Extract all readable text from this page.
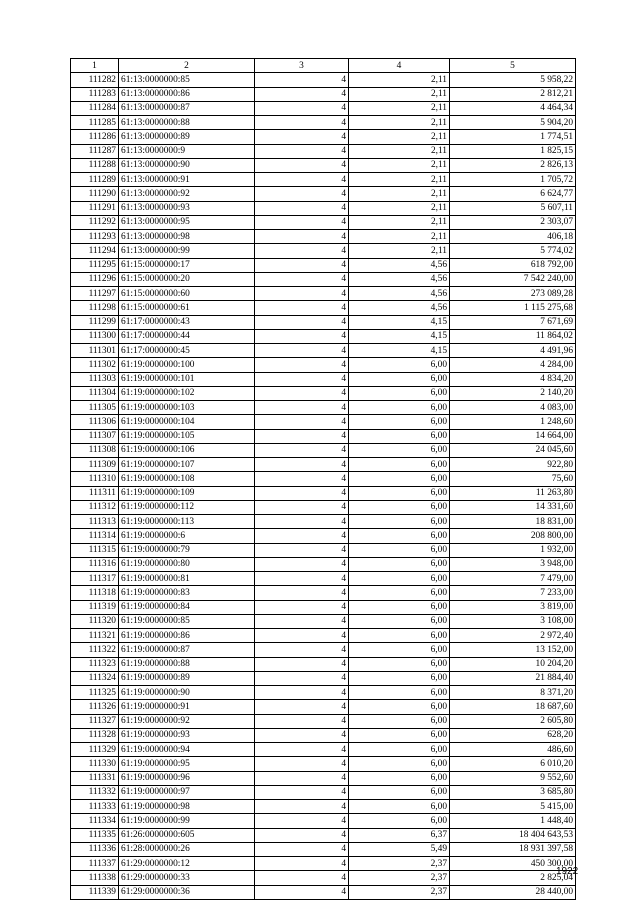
1	2	3	4	5
111282	61:13:0000000:85	4	2,11	5 958,22
111283	61:13:0000000:86	4	2,11	2 812,21
111284	61:13:0000000:87	4	2,11	4 464,34
111285	61:13:0000000:88	4	2,11	5 904,20
111286	61:13:0000000:89	4	2,11	1 774,51
111287	61:13:0000000:9	4	2,11	1 825,15
111288	61:13:0000000:90	4	2,11	2 826,13
111289	61:13:0000000:91	4	2,11	1 705,72
111290	61:13:0000000:92	4	2,11	6 624,77
111291	61:13:0000000:93	4	2,11	5 607,11
111292	61:13:0000000:95	4	2,11	2 303,07
111293	61:13:0000000:98	4	2,11	406,18
111294	61:13:0000000:99	4	2,11	5 774,02
111295	61:15:0000000:17	4	4,56	618 792,00
111296	61:15:0000000:20	4	4,56	7 542 240,00
111297	61:15:0000000:60	4	4,56	273 089,28
111298	61:15:0000000:61	4	4,56	1 115 275,68
111299	61:17:0000000:43	4	4,15	7 671,69
111300	61:17:0000000:44	4	4,15	11 864,02
111301	61:17:0000000:45	4	4,15	4 491,96
111302	61:19:0000000:100	4	6,00	4 284,00
111303	61:19:0000000:101	4	6,00	4 834,20
111304	61:19:0000000:102	4	6,00	2 140,20
111305	61:19:0000000:103	4	6,00	4 083,00
111306	61:19:0000000:104	4	6,00	1 248,60
111307	61:19:0000000:105	4	6,00	14 664,00
111308	61:19:0000000:106	4	6,00	24 045,60
111309	61:19:0000000:107	4	6,00	922,80
111310	61:19:0000000:108	4	6,00	75,60
111311	61:19:0000000:109	4	6,00	11 263,80
111312	61:19:0000000:112	4	6,00	14 331,60
111313	61:19:0000000:113	4	6,00	18 831,00
111314	61:19:0000000:6	4	6,00	208 800,00
111315	61:19:0000000:79	4	6,00	1 932,00
111316	61:19:0000000:80	4	6,00	3 948,00
111317	61:19:0000000:81	4	6,00	7 479,00
111318	61:19:0000000:83	4	6,00	7 233,00
111319	61:19:0000000:84	4	6,00	3 819,00
111320	61:19:0000000:85	4	6,00	3 108,00
111321	61:19:0000000:86	4	6,00	2 972,40
111322	61:19:0000000:87	4	6,00	13 152,00
111323	61:19:0000000:88	4	6,00	10 204,20
111324	61:19:0000000:89	4	6,00	21 884,40
111325	61:19:0000000:90	4	6,00	8 371,20
111326	61:19:0000000:91	4	6,00	18 687,60
111327	61:19:0000000:92	4	6,00	2 605,80
111328	61:19:0000000:93	4	6,00	628,20
111329	61:19:0000000:94	4	6,00	486,60
111330	61:19:0000000:95	4	6,00	6 010,20
111331	61:19:0000000:96	4	6,00	9 552,60
111332	61:19:0000000:97	4	6,00	3 685,80
111333	61:19:0000000:98	4	6,00	5 415,00
111334	61:19:0000000:99	4	6,00	1 448,40
111335	61:26:0000000:605	4	6,37	18 404 643,53
111336	61:28:0000000:26	4	5,49	18 931 397,58
111337	61:29:0000000:12	4	2,37	450 300,00
111338	61:29:0000000:33	4	2,37	2 825,04
111339	61:29:0000000:36	4	2,37	28 440,00
1922
